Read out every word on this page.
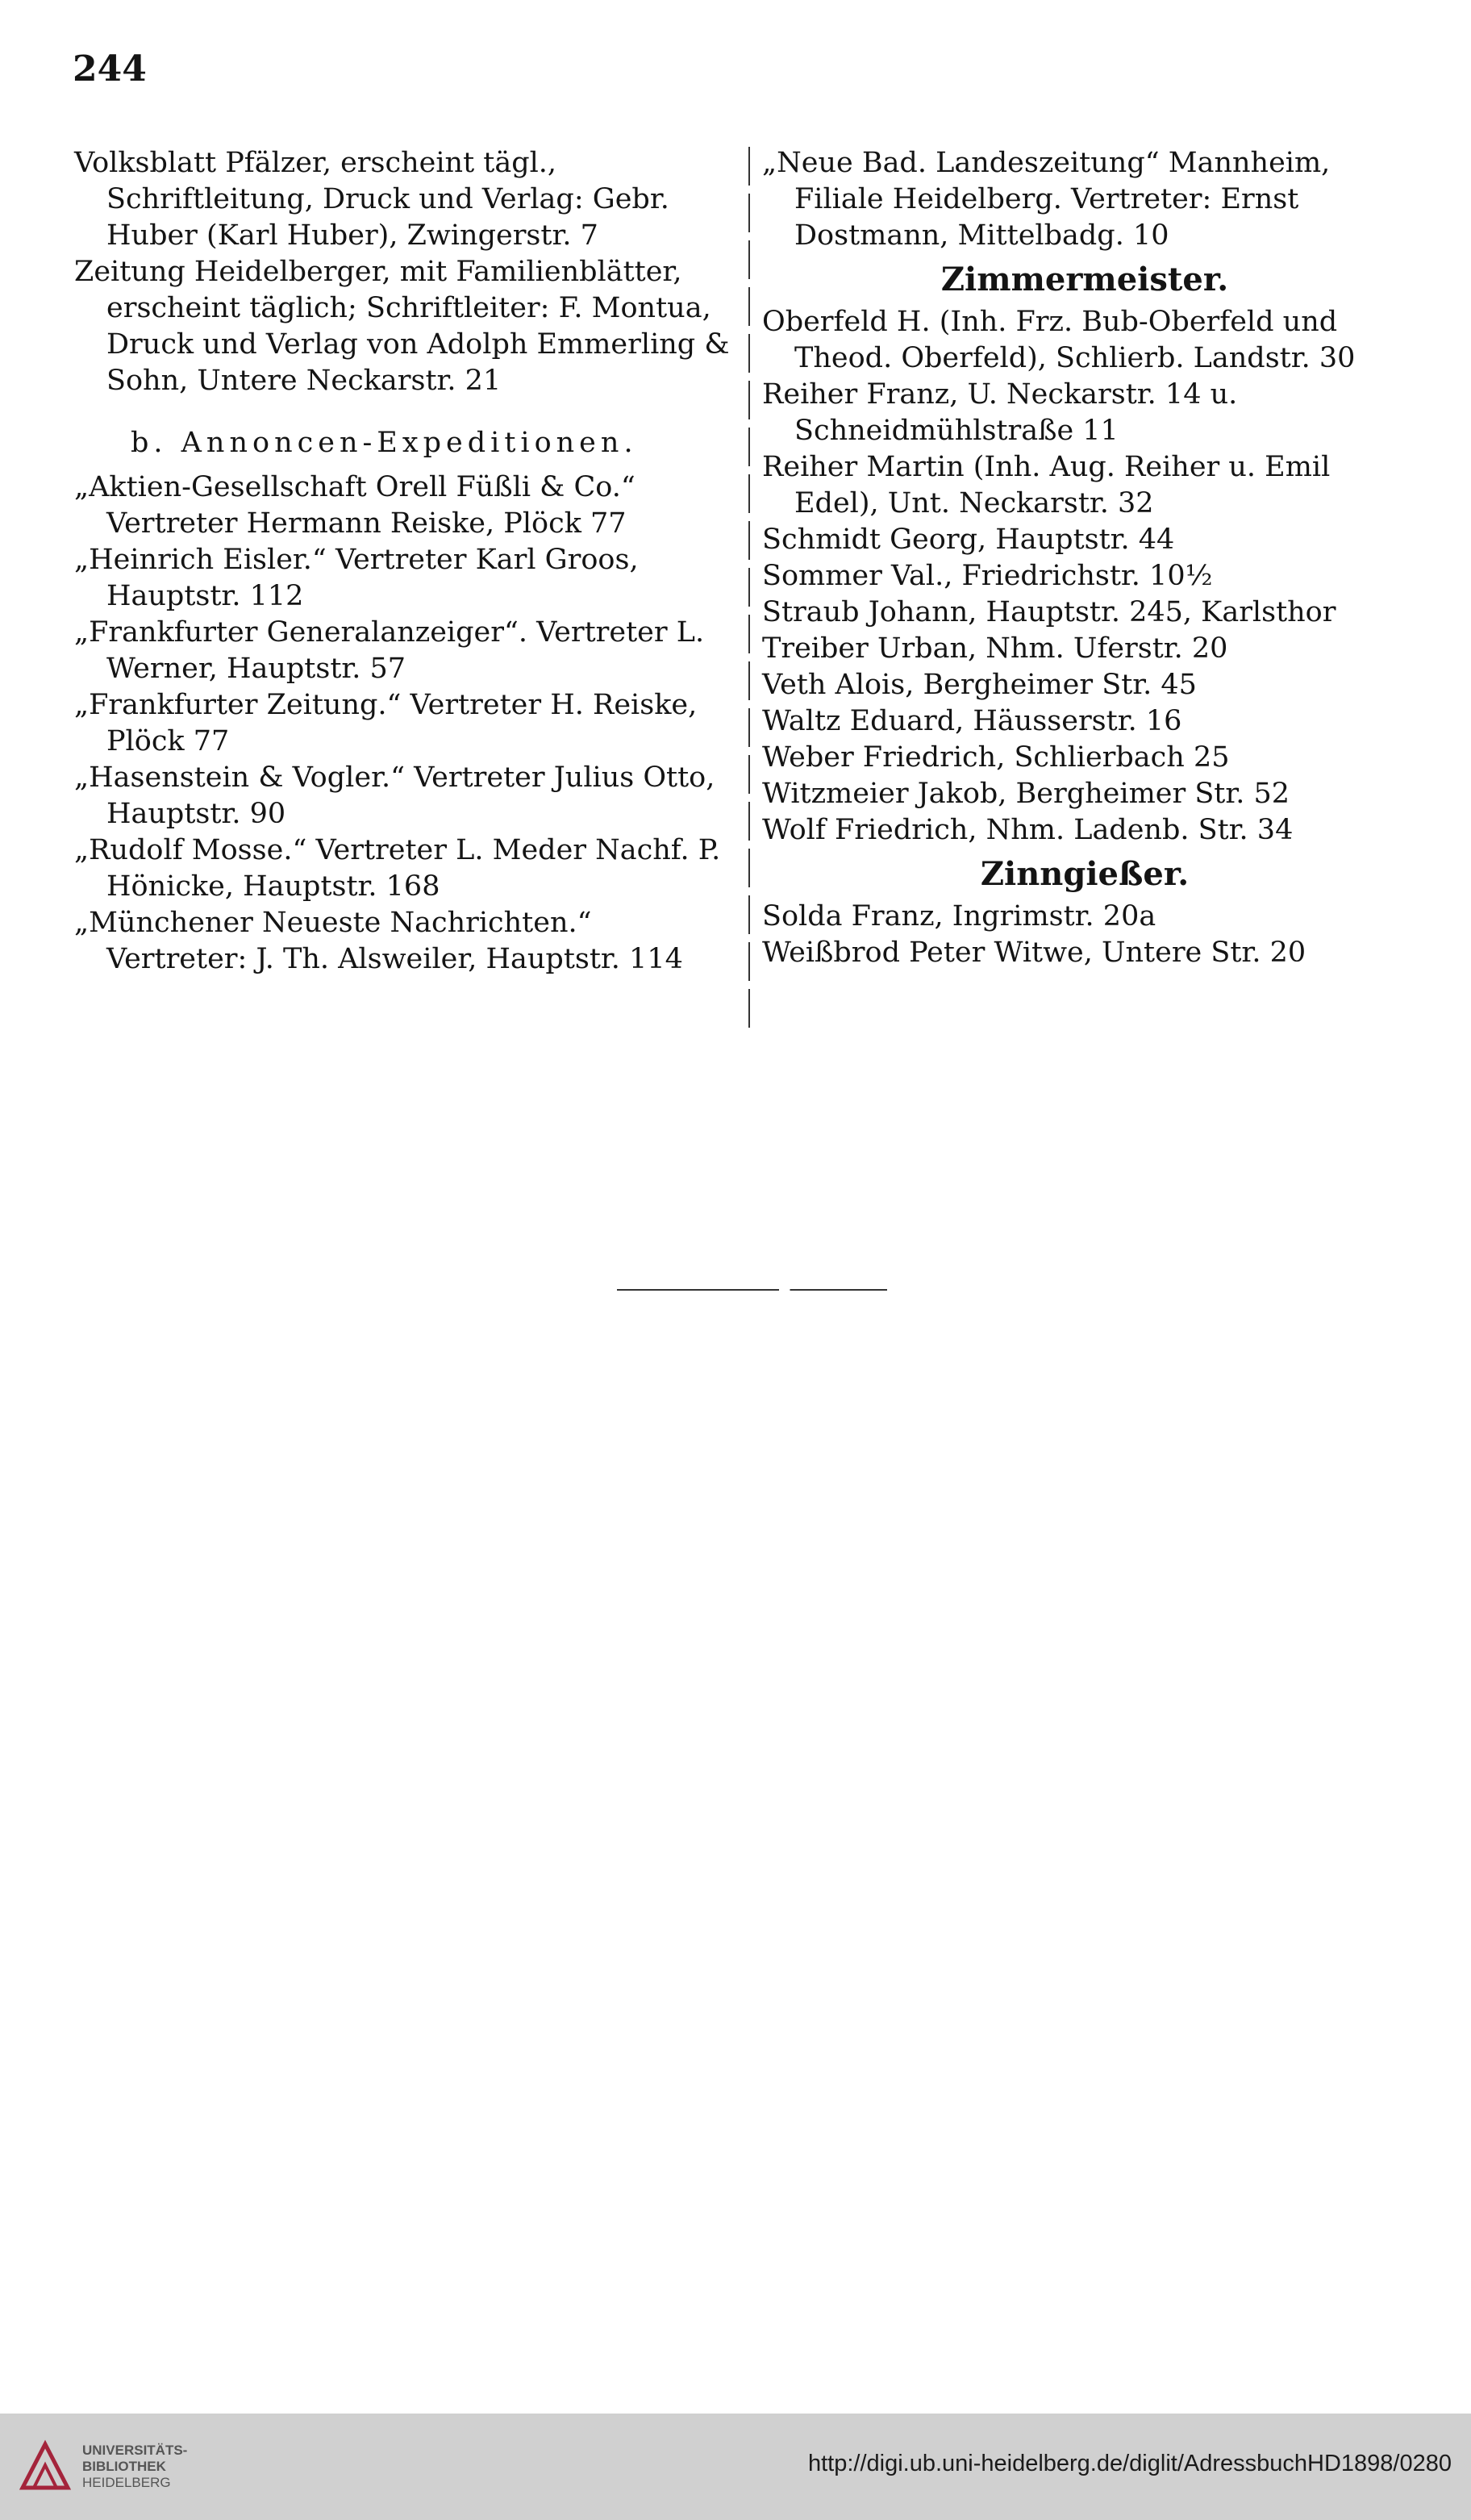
244

Volksblatt Pfälzer, erscheint tägl., Schriftleitung, Druck und Verlag: Gebr. Huber (Karl Huber), Zwingerstr. 7

Zeitung Heidelberger, mit Familienblätter, erscheint täglich; Schriftleiter: F. Montua, Druck und Verlag von Adolph Emmerling & Sohn, Untere Neckarstr. 21

b. Annoncen-Expeditionen.

„Aktien-Gesellschaft Orell Füßli & Co.“ Vertreter Hermann Reiske, Plöck 77

„Heinrich Eisler.“ Vertreter Karl Groos, Hauptstr. 112

„Frankfurter Generalanzeiger“. Vertreter L. Werner, Hauptstr. 57

„Frankfurter Zeitung.“ Vertreter H. Reiske, Plöck 77

„Hasenstein & Vogler.“ Vertreter Julius Otto, Hauptstr. 90

„Rudolf Mosse.“ Vertreter L. Meder Nachf. P. Hönicke, Hauptstr. 168

„Münchener Neueste Nachrichten.“ Vertreter: J. Th. Alsweiler, Hauptstr. 114

„Neue Bad. Landeszeitung“ Mannheim, Filiale Heidelberg. Vertreter: Ernst Dostmann, Mittelbadg. 10

Zimmermeister.

Oberfeld H. (Inh. Frz. Bub-Oberfeld und Theod. Oberfeld), Schlierb. Landstr. 30

Reiher Franz, U. Neckarstr. 14 u. Schneidmühlstraße 11

Reiher Martin (Inh. Aug. Reiher u. Emil Edel), Unt. Neckarstr. 32

Schmidt Georg, Hauptstr. 44

Sommer Val., Friedrichstr. 10½

Straub Johann, Hauptstr. 245, Karlsthor

Treiber Urban, Nhm. Uferstr. 20

Veth Alois, Bergheimer Str. 45

Waltz Eduard, Häusserstr. 16

Weber Friedrich, Schlierbach 25

Witzmeier Jakob, Bergheimer Str. 52

Wolf Friedrich, Nhm. Ladenb. Str. 34

Zinngießer.

Solda Franz, Ingrimstr. 20a

Weißbrod Peter Witwe, Untere Str. 20

UNIVERSITÄTS-
BIBLIOTHEK
HEIDELBERG
http://digi.ub.uni-heidelberg.de/diglit/AdressbuchHD1898/0280
